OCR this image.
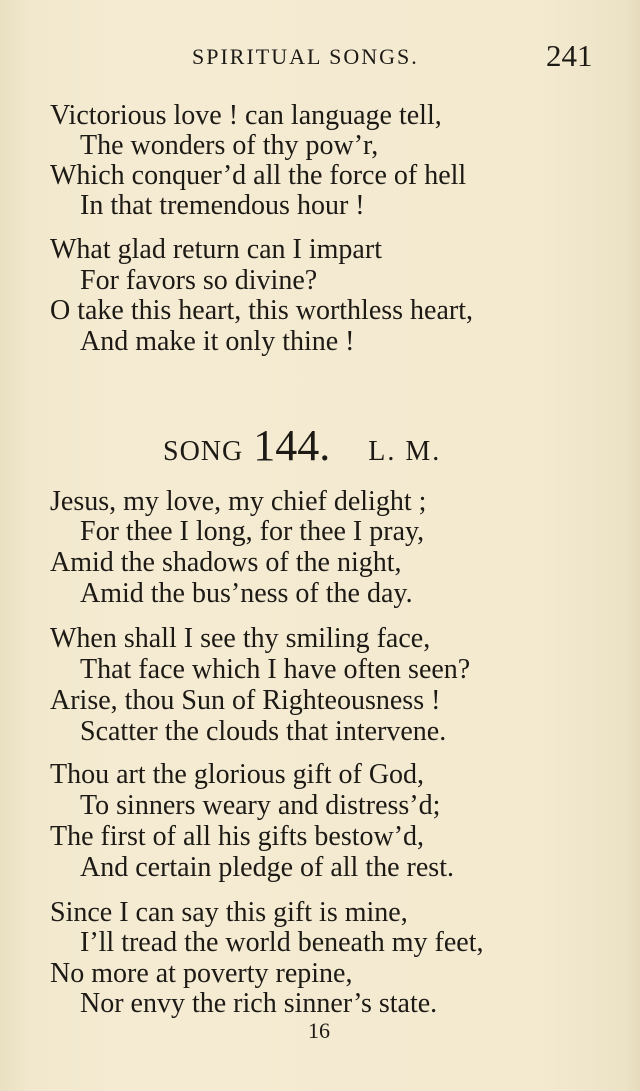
SPIRITUAL SONGS.	241
Victorious love ! can language tell,
The wonders of thy pow’r,
Which conquer’d all the force of hell
In that tremendous hour !
What glad return can I impart
For favors so divine?
O take this heart, this worthless heart,
And make it only thine !
SONG 144. L. M.
Jesus, my love, my chief delight ;
For thee I long, for thee I pray,
Amid the shadows of the night,
Amid the bus’ness of the day.
When shall I see thy smiling face,
That face which I have often seen?
Arise, thou Sun of Righteousness !
Scatter the clouds that intervene.
Thou art the glorious gift of God,
To sinners weary and distress’d;
The first of all his gifts bestow’d,
And certain pledge of all the rest.
Since I can say this gift is mine,
I’ll tread the world beneath my feet,
No more at poverty repine,
Nor envy the rich sinner’s state.
16
